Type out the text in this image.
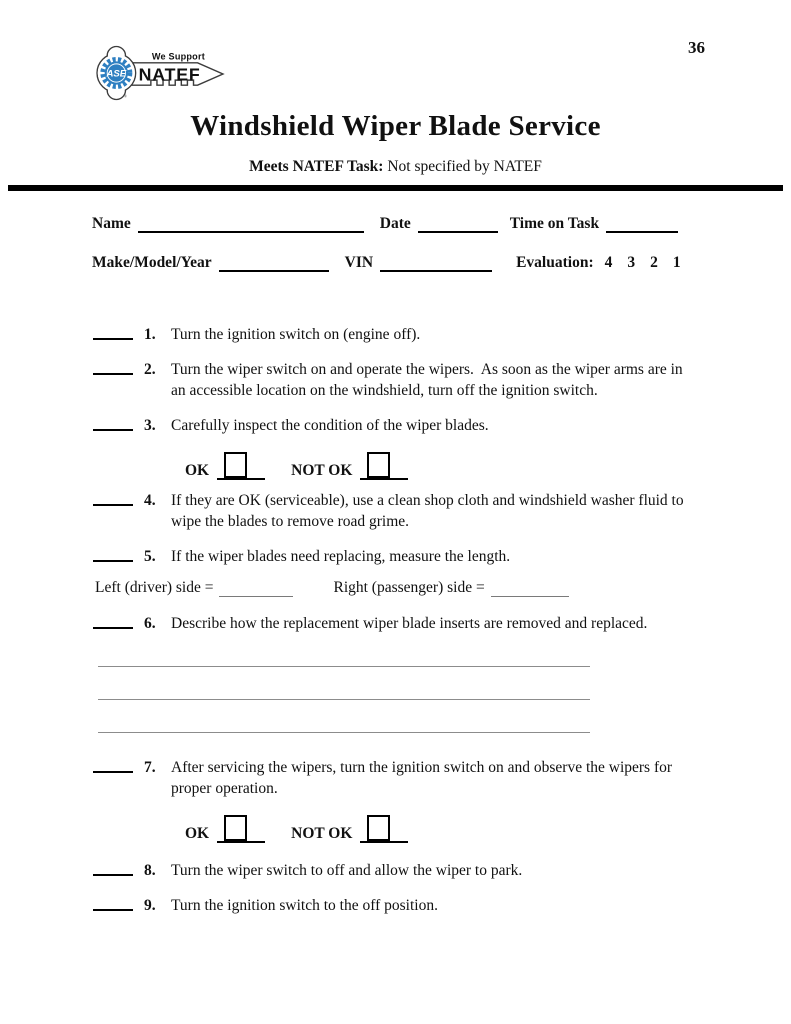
36
ASE
®
We Support
NATEF
Windshield Wiper Blade Service
Meets NATEF Task: Not specified by NATEF
Name	Date	Time on Task
Make/Model/Year	VIN	Evaluation: 4 3 2 1
1. Turn the ignition switch on (engine off).
2. Turn the wiper switch on and operate the wipers.  As soon as the wiper arms are in an accessible location on the windshield, turn off the ignition switch.
3. Carefully inspect the condition of the wiper blades.
OK	NOT OK
4. If they are OK (serviceable), use a clean shop cloth and windshield washer fluid to wipe the blades to remove road grime.
5. If the wiper blades need replacing, measure the length.
Left (driver) side =	Right (passenger) side =
6. Describe how the replacement wiper blade inserts are removed and replaced.
7. After servicing the wipers, turn the ignition switch on and observe the wipers for proper operation.
OK	NOT OK
8. Turn the wiper switch to off and allow the wiper to park.
9. Turn the ignition switch to the off position.
